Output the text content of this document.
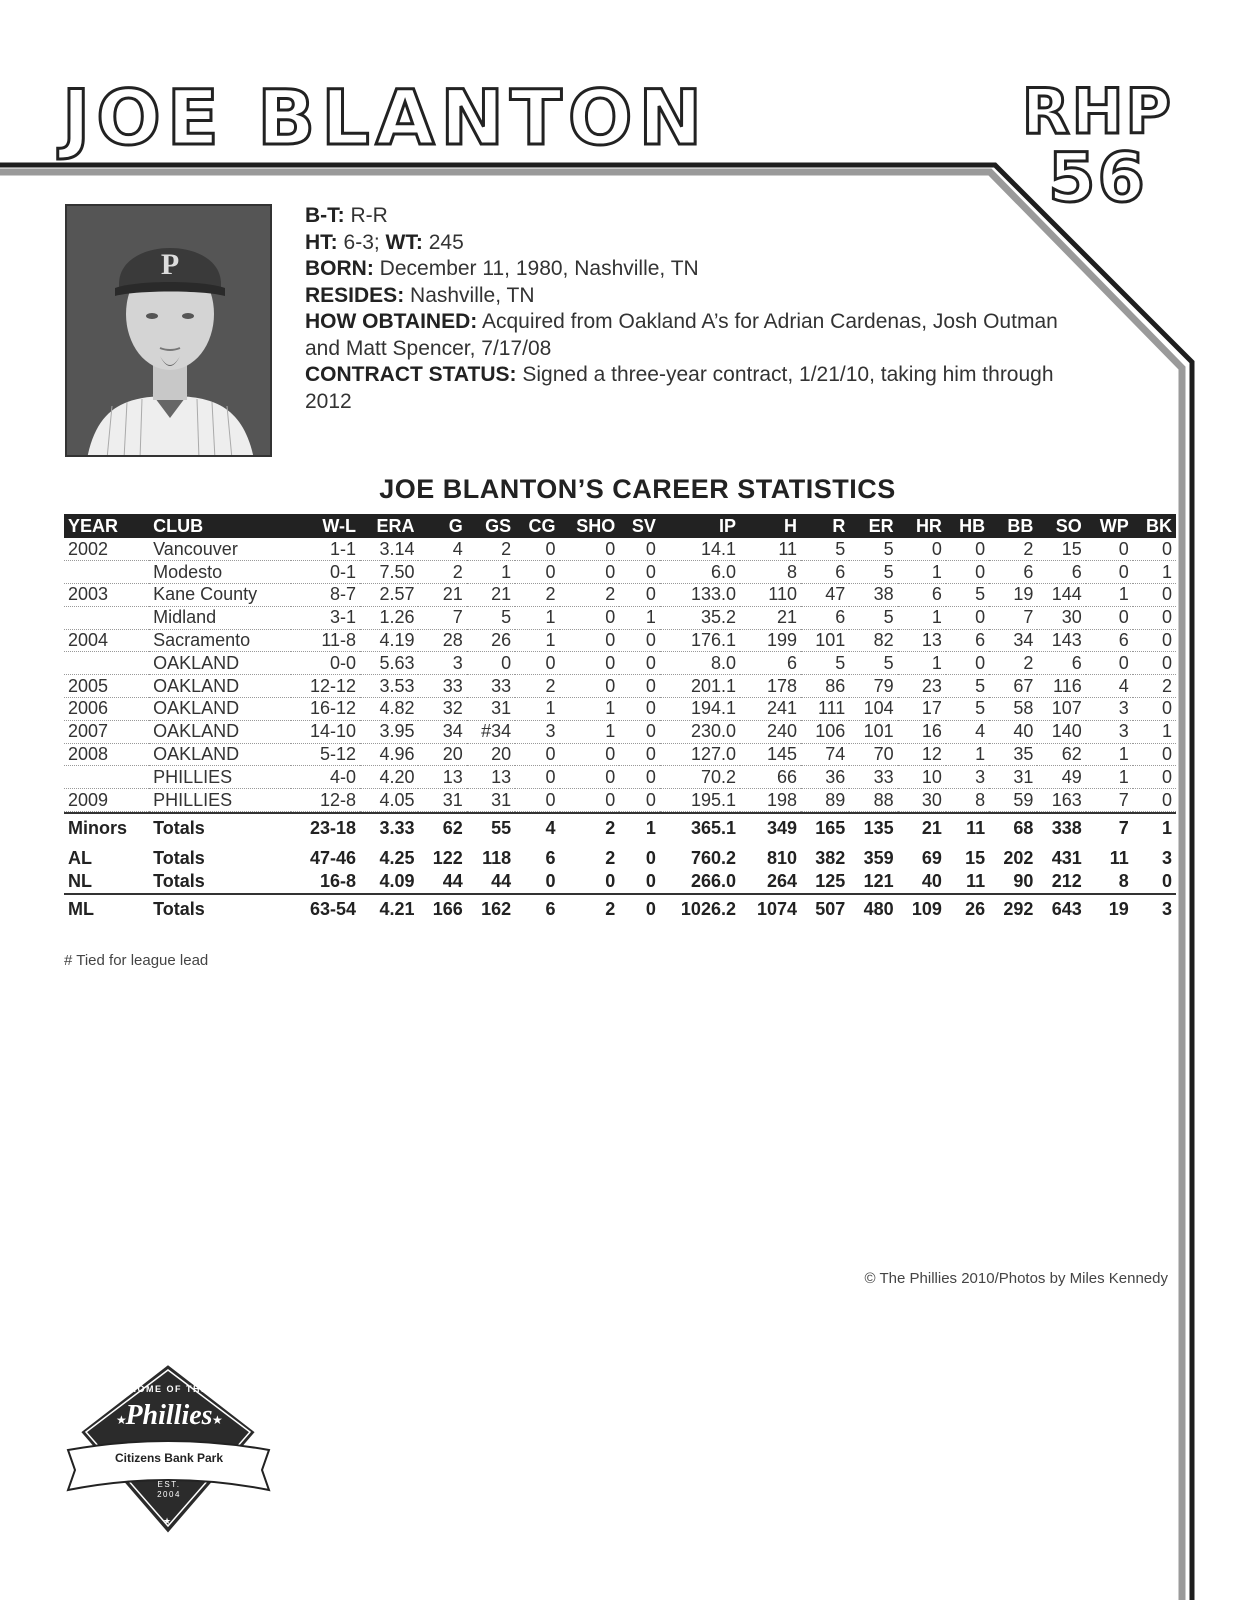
JOE BLANTON	RHP
56
P
B-T: R-R
HT: 6-3; WT: 245
BORN: December 11, 1980, Nashville, TN
RESIDES: Nashville, TN
HOW OBTAINED: Acquired from Oakland A’s for Adrian Cardenas, Josh Outman and Matt Spencer, 7/17/08
CONTRACT STATUS: Signed a three-year contract, 1/21/10, taking him through 2012
JOE BLANTON’S CAREER STATISTICS
YEAR	CLUB	W-L	ERA	G	GS	CG	SHO	SV	IP	H	R	ER	HR	HB	BB	SO	WP	BK
2002	Vancouver	1-1	3.14	4	2	0	0	0	14.1	11	5	5	0	0	2	15	0	0
	Modesto	0-1	7.50	2	1	0	0	0	6.0	8	6	5	1	0	6	6	0	1
2003	Kane County	8-7	2.57	21	21	2	2	0	133.0	110	47	38	6	5	19	144	1	0
	Midland	3-1	1.26	7	5	1	0	1	35.2	21	6	5	1	0	7	30	0	0
2004	Sacramento	11-8	4.19	28	26	1	0	0	176.1	199	101	82	13	6	34	143	6	0
	OAKLAND	0-0	5.63	3	0	0	0	0	8.0	6	5	5	1	0	2	6	0	0
2005	OAKLAND	12-12	3.53	33	33	2	0	0	201.1	178	86	79	23	5	67	116	4	2
2006	OAKLAND	16-12	4.82	32	31	1	1	0	194.1	241	111	104	17	5	58	107	3	0
2007	OAKLAND	14-10	3.95	34	#34	3	1	0	230.0	240	106	101	16	4	40	140	3	1
2008	OAKLAND	5-12	4.96	20	20	0	0	0	127.0	145	74	70	12	1	35	62	1	0
	PHILLIES	4-0	4.20	13	13	0	0	0	70.2	66	36	33	10	3	31	49	1	0
2009	PHILLIES	12-8	4.05	31	31	0	0	0	195.1	198	89	88	30	8	59	163	7	0

Minors	Totals	23-18	3.33	62	55	4	2	1	365.1	349	165	135	21	11	68	338	7	1

AL	Totals	47-46	4.25	122	118	6	2	0	760.2	810	382	359	69	15	202	431	11	3
NL	Totals	16-8	4.09	44	44	0	0	0	266.0	264	125	121	40	11	90	212	8	0

ML	Totals	63-54	4.21	166	162	6	2	0	1026.2	1074	507	480	109	26	292	643	19	3
# Tied for league lead
© The Phillies 2010/Photos by Miles Kennedy
★	★
★
HOME OF THE
Phillies
Citizens Bank Park
EST.
2004
